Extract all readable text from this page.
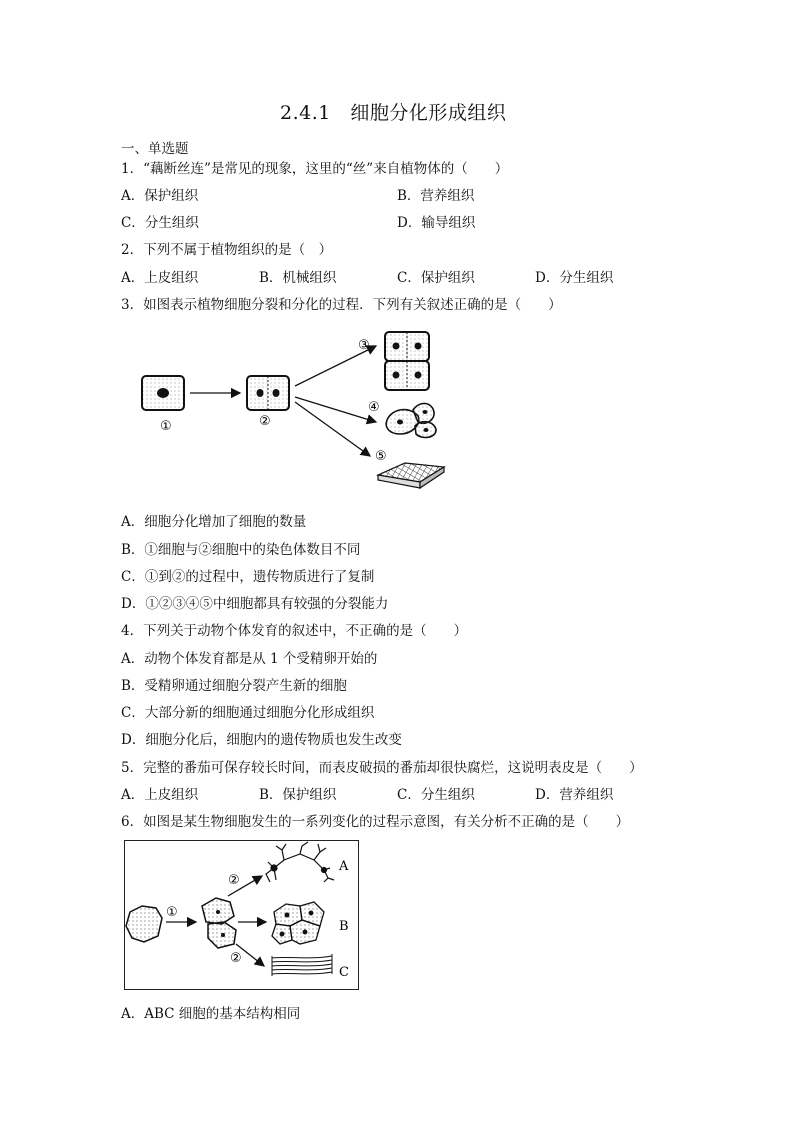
2.4.1　细胞分化形成组织
一、单选题
1．“藕断丝连”是常见的现象，这里的“丝”来自植物体的（　　）
A．保护组织	B．营养组织
C．分生组织	D．输导组织
2．下列不属于植物组织的是（　）
A．上皮组织	B．机械组织	C．保护组织	D．分生组织
3．如图表示植物细胞分裂和分化的过程．下列有关叙述正确的是（　　）
①	②
③
④
⑤
A．细胞分化增加了细胞的数量
B．①细胞与②细胞中的染色体数目不同
C．①到②的过程中，遗传物质进行了复制
D．①②③④⑤中细胞都具有较强的分裂能力
4．下列关于动物个体发育的叙述中，不正确的是（　　）
A．动物个体发育都是从 1 个受精卵开始的
B．受精卵通过细胞分裂产生新的细胞
C．大部分新的细胞通过细胞分化形成组织
D．细胞分化后，细胞内的遗传物质也发生改变
5．完整的番茄可保存较长时间，而表皮破损的番茄却很快腐烂，这说明表皮是（　　）
A．上皮组织	B．保护组织	C．分生组织	D．营养组织
6．如图是某生物细胞发生的一系列变化的过程示意图，有关分析不正确的是（　　）
①
②
②
A
B
C
A．ABC 细胞的基本结构相同
